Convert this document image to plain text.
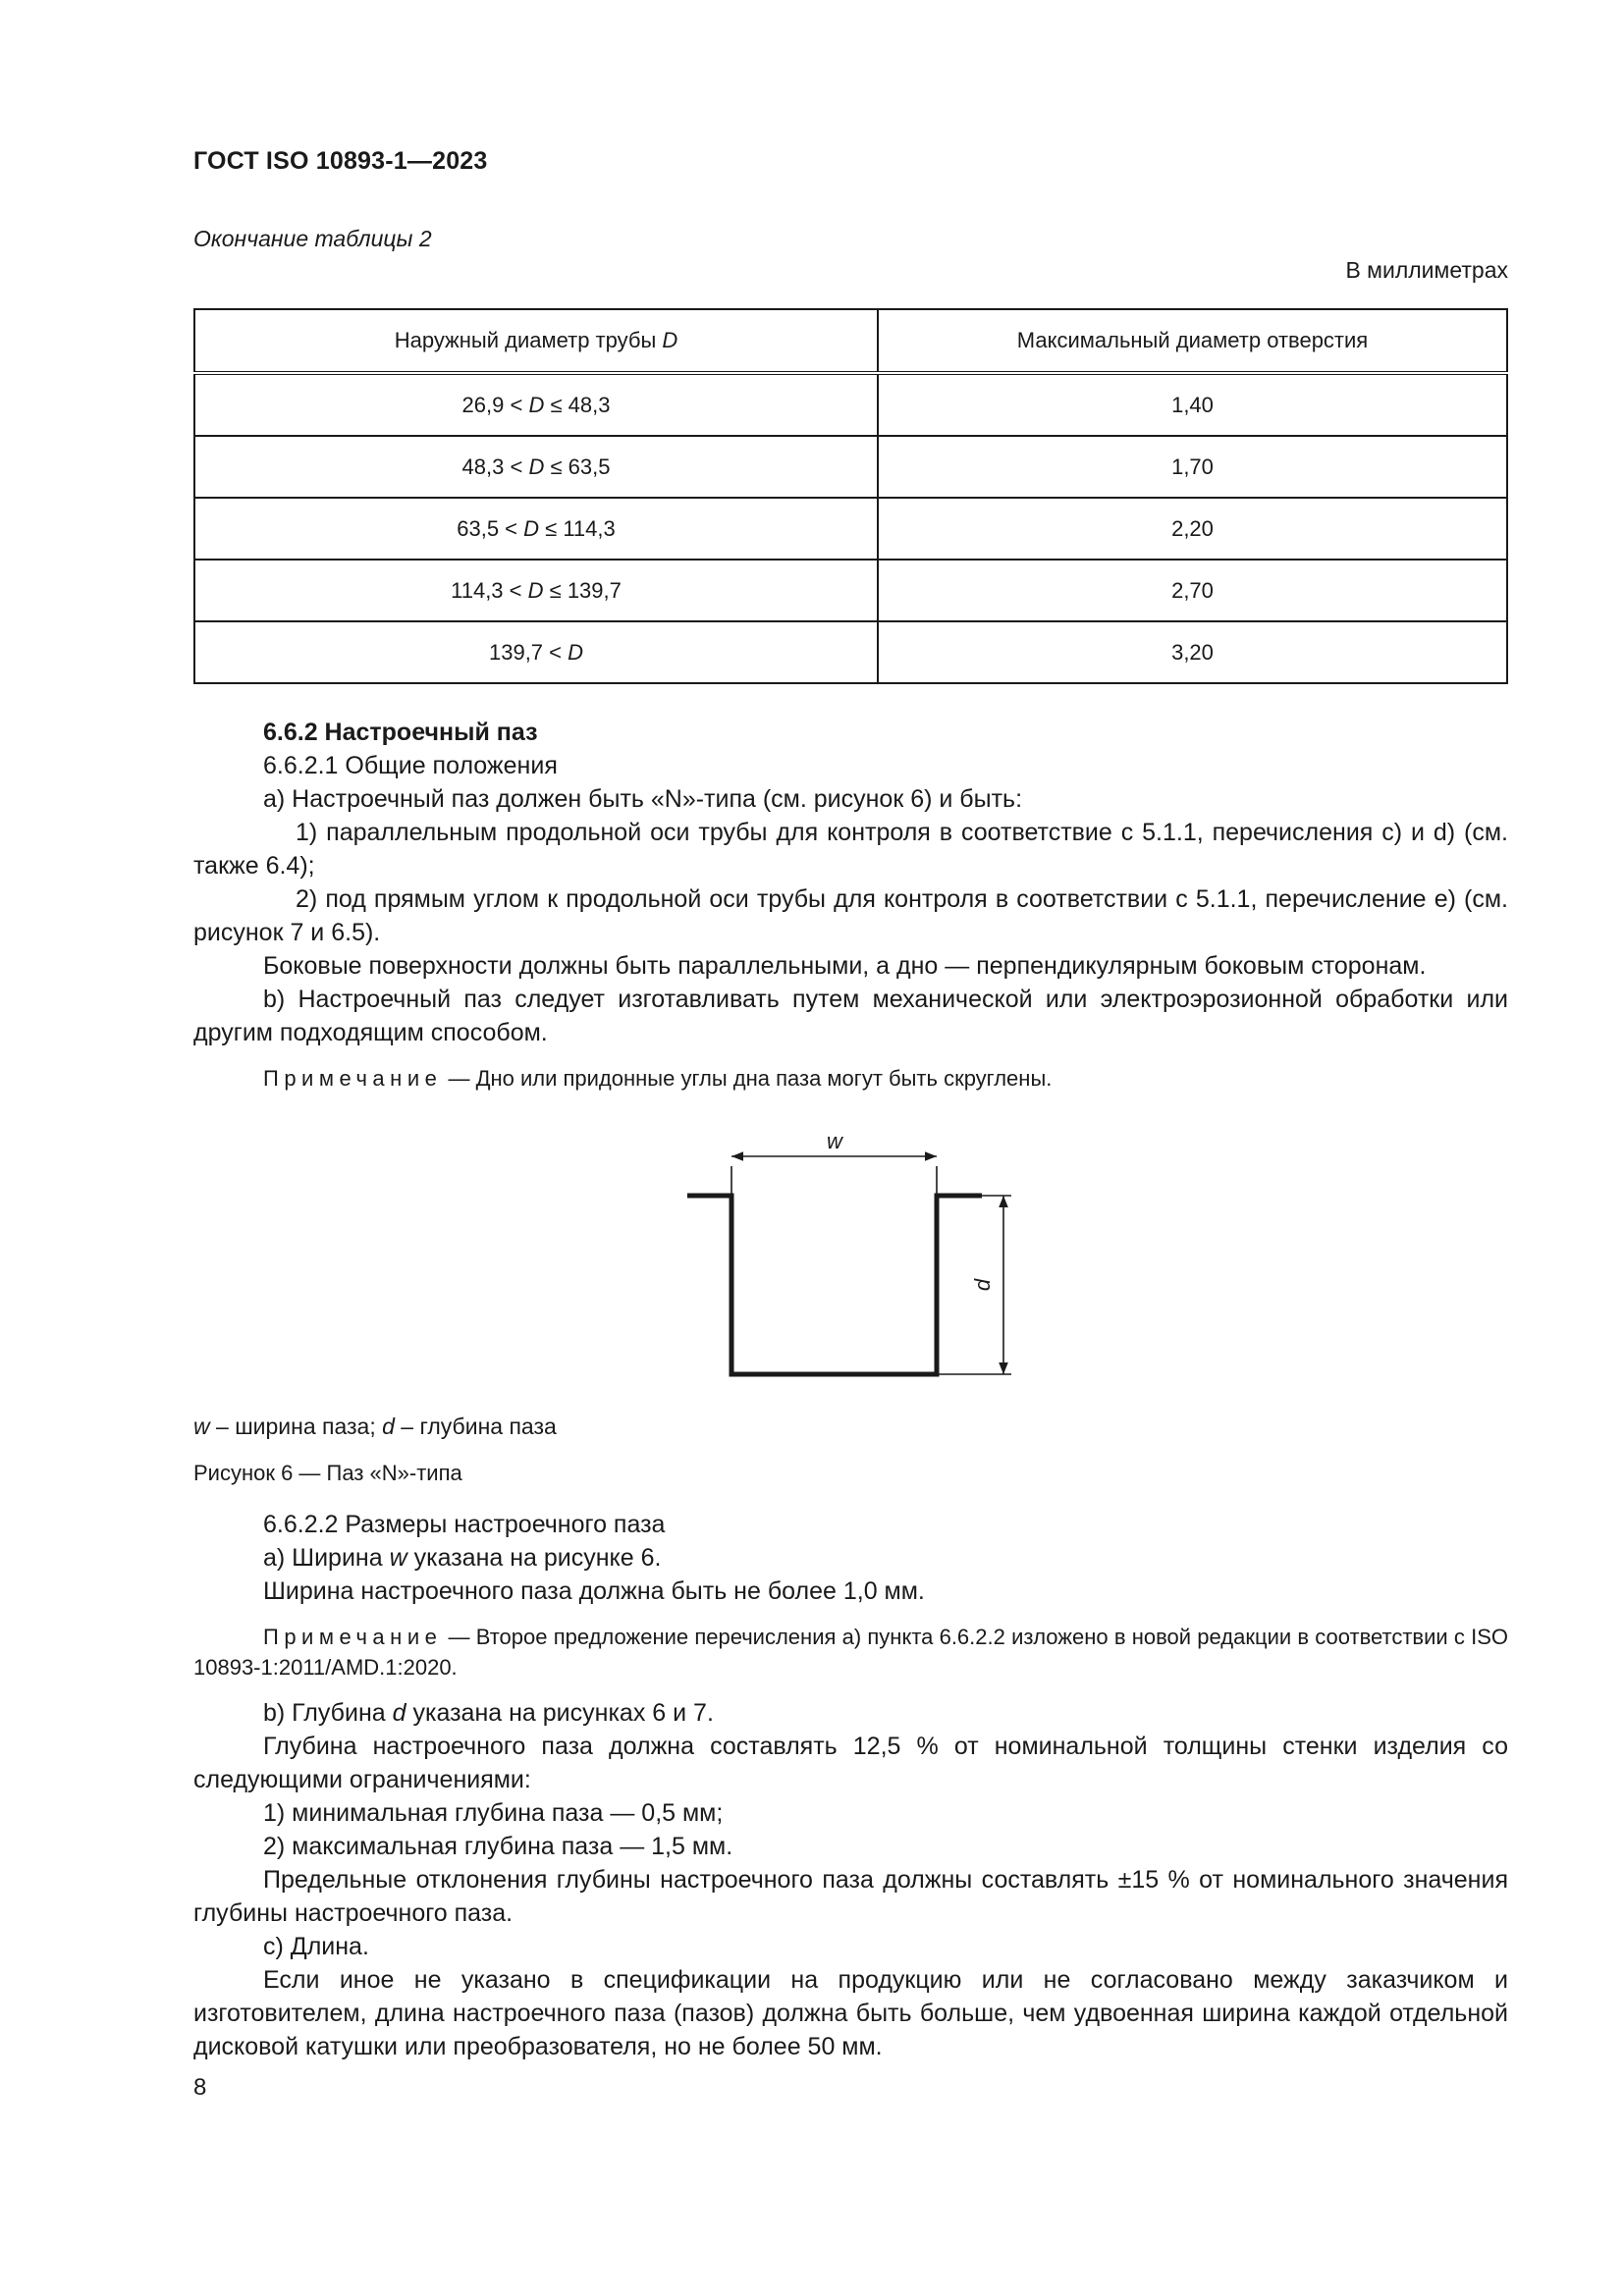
ГОСТ ISO 10893-1—2023
Окончание таблицы 2
В миллиметрах
Наружный диаметр трубы D	Максимальный диаметр отверстия
26,9 < D ≤ 48,3	1,40
48,3 < D ≤ 63,5	1,70
63,5 < D ≤ 114,3	2,20
114,3 < D ≤ 139,7	2,70
139,7 < D	3,20

6.6.2 Настроечный паз

6.6.2.1 Общие положения

a) Настроечный паз должен быть «N»-типа (см. рисунок 6) и быть:

1) параллельным продольной оси трубы для контроля в соответствие с 5.1.1, перечисления c) и d) (см. также 6.4);

2) под прямым углом к продольной оси трубы для контроля в соответствии с 5.1.1, перечисление e) (см. рисунок 7 и 6.5).

Боковые поверхности должны быть параллельными, а дно — перпендикулярным боковым сторонам.

b) Настроечный паз следует изготавливать путем механической или электроэрозионной обработки или другим подходящим способом.

Примечание — Дно или придонные углы дна паза могут быть скруглены.

w
d

w – ширина паза; d – глубина паза

Рисунок 6 — Паз «N»-типа

6.6.2.2 Размеры настроечного паза

a) Ширина w указана на рисунке 6.

Ширина настроечного паза должна быть не более 1,0 мм.

Примечание — Второе предложение перечисления a) пункта 6.6.2.2 изложено в новой редакции в соответствии с ISO 10893-1:2011/AMD.1:2020.

b) Глубина d указана на рисунках 6 и 7.

Глубина настроечного паза должна составлять 12,5 % от номинальной толщины стенки изделия со следующими ограничениями:

1) минимальная глубина паза — 0,5 мм;

2) максимальная глубина паза — 1,5 мм.

Предельные отклонения глубины настроечного паза должны составлять ±15 % от номинального значения глубины настроечного паза.

c) Длина.

Если иное не указано в спецификации на продукцию или не согласовано между заказчиком и изготовителем, длина настроечного паза (пазов) должна быть больше, чем удвоенная ширина каждой отдельной дисковой катушки или преобразователя, но не более 50 мм.

8
